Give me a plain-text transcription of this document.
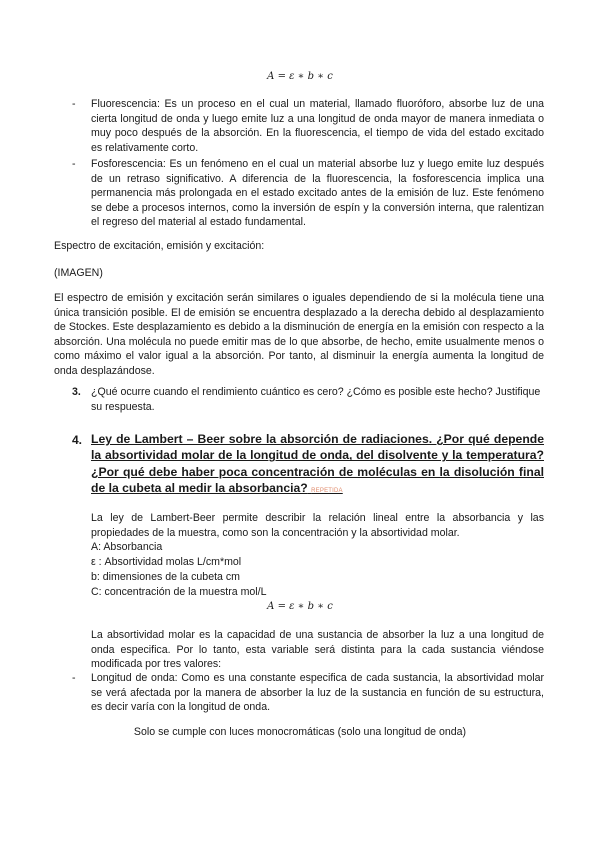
A = ε ∗ b ∗ c
- Fluorescencia: Es un proceso en el cual un material, llamado fluoróforo, absorbe luz de una cierta longitud de onda y luego emite luz a una longitud de onda mayor de manera inmediata o muy poco después de la absorción. En la fluorescencia, el tiempo de vida del estado excitado es relativamente corto.
- Fosforescencia: Es un fenómeno en el cual un material absorbe luz y luego emite luz después de un retraso significativo. A diferencia de la fluorescencia, la fosforescencia implica una permanencia más prolongada en el estado excitado antes de la emisión de luz. Este fenómeno se debe a procesos internos, como la inversión de espín y la conversión interna, que ralentizan el regreso del material al estado fundamental.
Espectro de excitación, emisión y excitación:
(IMAGEN)
El espectro de emisión y excitación serán similares o iguales dependiendo de si la molécula tiene una única transición posible. El de emisión se encuentra desplazado a la derecha debido al desplazamiento de Stockes. Este desplazamiento es debido a la disminución de energía en la emisión con respecto a la absorción. Una molécula no puede emitir mas de lo que absorbe, de hecho, emite usualmente menos o como máximo el valor igual a la absorción. Por tanto, al disminuir la energía aumenta la longitud de onda desplazándose.
3. ¿Qué ocurre cuando el rendimiento cuántico es cero? ¿Cómo es posible este hecho? Justifique su respuesta.
4. Ley de Lambert – Beer sobre la absorción de radiaciones. ¿Por qué depende la absortividad molar de la longitud de onda, del disolvente y la temperatura? ¿Por qué debe haber poca concentración de moléculas en la disolución final de la cubeta al medir la absorbancia? REPETIDA
La ley de Lambert-Beer permite describir la relación lineal entre la absorbancia y las propiedades de la muestra, como son la concentración y la absortividad molar.
A: Absorbancia
ε : Absortividad molas L/cm*mol
b: dimensiones de la cubeta cm
C: concentración de la muestra mol/L
A = ε ∗ b ∗ c
La absortividad molar es la capacidad de una sustancia de absorber la luz a una longitud de onda especifica. Por lo tanto, esta variable será distinta para la cada sustancia viéndose modificada por tres valores:
- Longitud de onda: Como es una constante especifica de cada sustancia, la absortividad molar se verá afectada por la manera de absorber la luz de la sustancia en función de su estructura, es decir varía con la longitud de onda.
Solo se cumple con luces monocromáticas (solo una longitud de onda)
